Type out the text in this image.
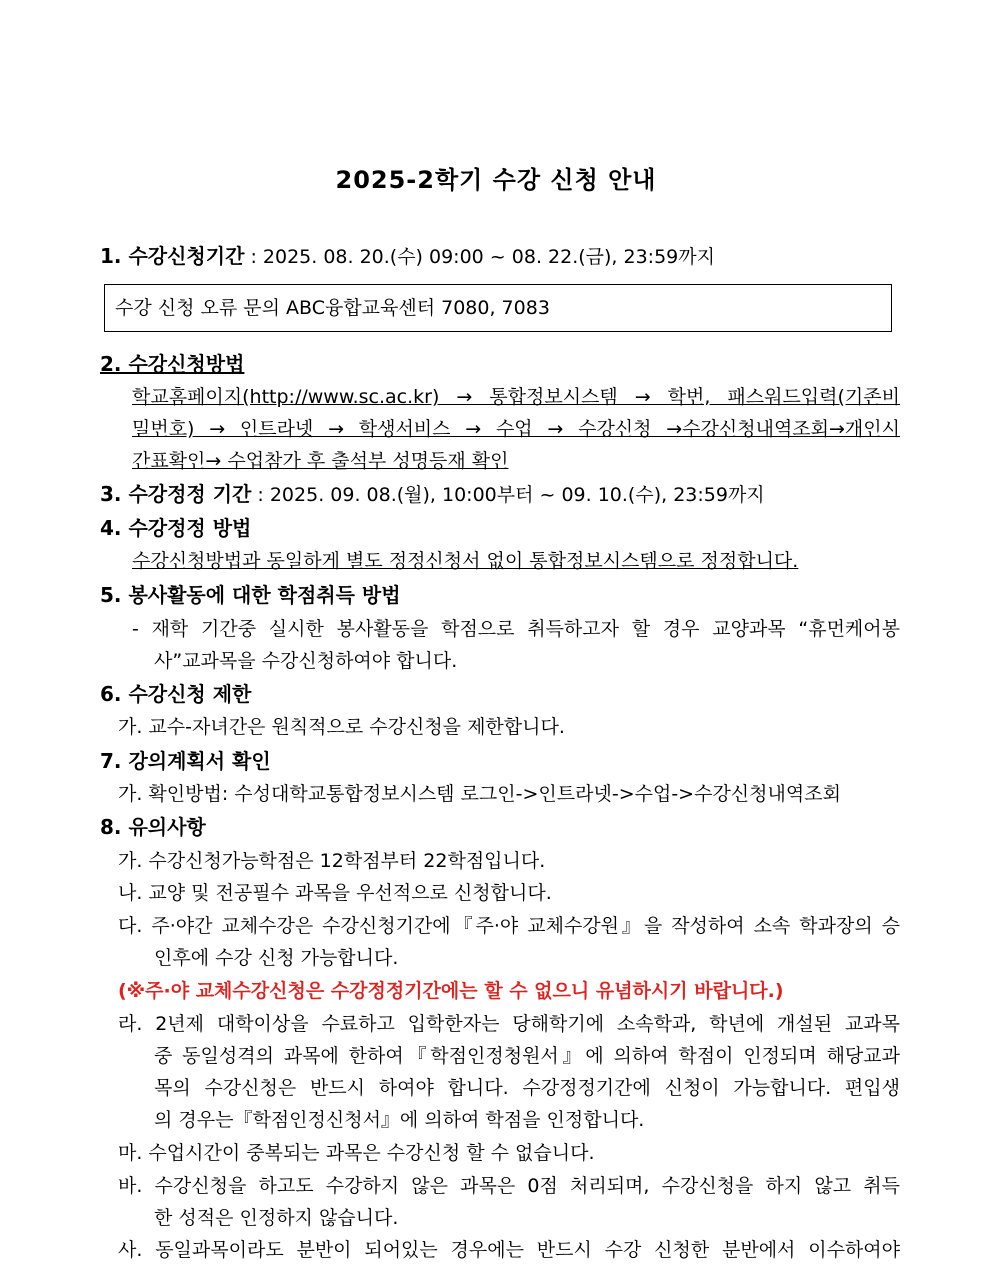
2025-2학기 수강 신청 안내
1. 수강신청기간 : 2025. 08. 20.(수) 09:00 ~ 08. 22.(금), 23:59까지
수강 신청 오류 문의 ABC융합교육센터 7080, 7083
2. 수강신청방법
학교홈페이지(http://www.sc.ac.kr) → 통합정보시스템 → 학번, 패스워드입력(기존비
밀번호) → 인트라넷 → 학생서비스 → 수업 → 수강신청 →수강신청내역조회→개인시
간표확인→ 수업참가 후 출석부 성명등재 확인
3. 수강정정 기간 : 2025. 09. 08.(월), 10:00부터 ~ 09. 10.(수), 23:59까지
4. 수강정정 방법
수강신청방법과 동일하게 별도 정정신청서 없이 통합정보시스템으로 정정합니다.
5. 봉사활동에 대한 학점취득 방법
- 재학 기간중 실시한 봉사활동을 학점으로 취득하고자 할 경우 교양과목 “휴먼케어봉
사”교과목을 수강신청하여야 합니다.
6. 수강신청 제한
가. 교수-자녀간은 원칙적으로 수강신청을 제한합니다.
7. 강의계획서 확인
가. 확인방법: 수성대학교통합정보시스템 로그인->인트라넷->수업->수강신청내역조회
8. 유의사항
가. 수강신청가능학점은 12학점부터 22학점입니다.
나. 교양 및 전공필수 과목을 우선적으로 신청합니다.
다. 주·야간 교체수강은 수강신청기간에『주·야 교체수강원』을 작성하여 소속 학과장의 승
인후에 수강 신청 가능합니다.
(※주·야 교체수강신청은 수강정정기간에는 할 수 없으니 유념하시기 바랍니다.)
라. 2년제 대학이상을 수료하고 입학한자는 당해학기에 소속학과, 학년에 개설된 교과목
중 동일성격의 과목에 한하여『학점인정청원서』에 의하여 학점이 인정되며 해당교과
목의 수강신청은 반드시 하여야 합니다. 수강정정기간에 신청이 가능합니다. 편입생
의 경우는『학점인정신청서』에 의하여 학점을 인정합니다.
마. 수업시간이 중복되는 과목은 수강신청 할 수 없습니다.
바. 수강신청을 하고도 수강하지 않은 과목은 0점 처리되며, 수강신청을 하지 않고 취득
한 성적은 인정하지 않습니다.
사. 동일과목이라도 분반이 되어있는 경우에는 반드시 수강 신청한 분반에서 이수하여야
